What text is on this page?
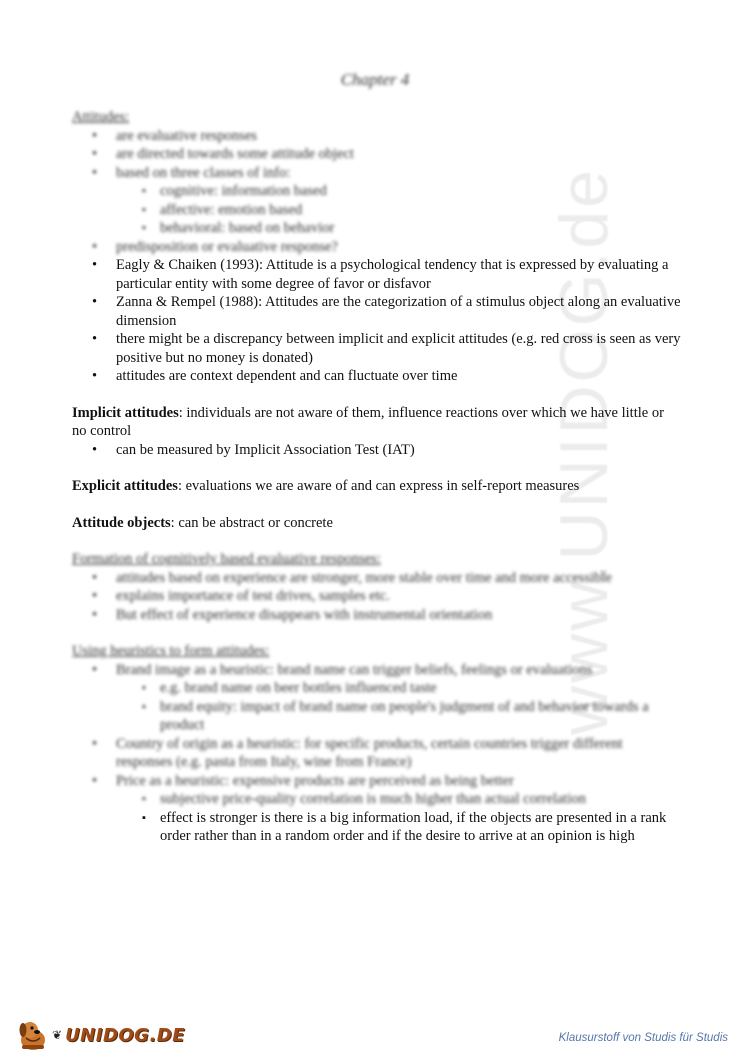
www.UNIDOG.de
Chapter 4
Attitudes:
• are evaluative responses
• are directed towards some attitude object
• based on three classes of info:
▪ cognitive: information based
▪ affective: emotion based
▪ behavioral: based on behavior
• predisposition or evaluative response?
• Eagly & Chaiken (1993): Attitude is a psychological tendency that is expressed by evaluating a particular entity with some degree of favor or disfavor
• Zanna & Rempel (1988): Attitudes are the categorization of a stimulus object along an evaluative dimension
• there might be a discrepancy between implicit and explicit attitudes (e.g. red cross is seen as very positive but no money is donated)
• attitudes are context dependent and can fluctuate over time

Implicit attitudes: individuals are not aware of them, influence reactions over which we have little or no control

• can be measured by Implicit Association Test (IAT)

Explicit attitudes: evaluations we are aware of and can express in self-report measures

Attitude objects: can be abstract or concrete

Formation of cognitively based evaluative responses:
• attitudes based on experience are stronger, more stable over time and more accessible
• explains importance of test drives, samples etc.
• But effect of experience disappears with instrumental orientation
Using heuristics to form attitudes:
• Brand image as a heuristic: brand name can trigger beliefs, feelings or evaluations
▪ e.g. brand name on beer bottles influenced taste
▪ brand equity: impact of brand name on people's judgment of and behavior towards a product
• Country of origin as a heuristic: for specific products, certain countries trigger different responses (e.g. pasta from Italy, wine from France)
• Price as a heuristic: expensive products are perceived as being better
▪ subjective price-quality correlation is much higher than actual correlation
▪ effect is stronger is there is a big information load, if the objects are presented in a rank order rather than in a random order and if the desire to arrive at an opinion is high
❦ UNIDOG.DE	Klausurstoff von Studis für Studis
